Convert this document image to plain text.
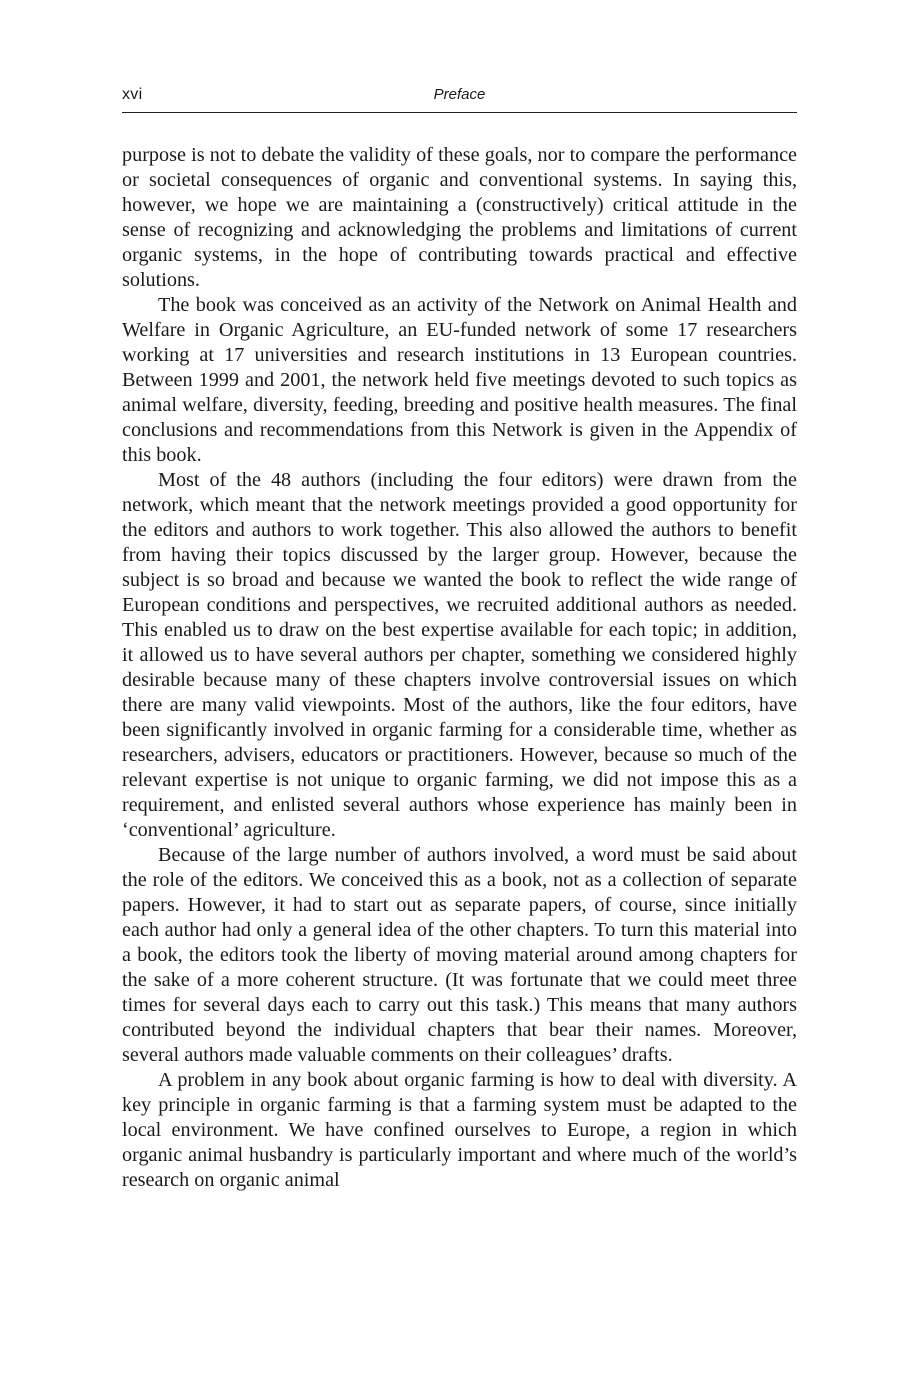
xvi	Preface

purpose is not to debate the validity of these goals, nor to compare the performance or societal consequences of organic and conventional systems. In saying this, however, we hope we are maintaining a (constructively) critical attitude in the sense of recognizing and acknowledging the problems and limitations of current organic systems, in the hope of contributing towards practical and effective solutions.

The book was conceived as an activity of the Network on Animal Health and Welfare in Organic Agriculture, an EU-funded network of some 17 researchers working at 17 universities and research institutions in 13 European countries. Between 1999 and 2001, the network held five meetings devoted to such topics as animal welfare, diversity, feeding, breeding and positive health measures. The final conclusions and recommendations from this Network is given in the Appendix of this book.

Most of the 48 authors (including the four editors) were drawn from the network, which meant that the network meetings provided a good opportunity for the editors and authors to work together. This also allowed the authors to benefit from having their topics discussed by the larger group. However, because the subject is so broad and because we wanted the book to reflect the wide range of European conditions and perspectives, we recruited additional authors as needed. This enabled us to draw on the best expertise available for each topic; in addition, it allowed us to have several authors per chapter, something we considered highly desirable because many of these chapters involve controversial issues on which there are many valid viewpoints. Most of the authors, like the four editors, have been significantly involved in organic farming for a considerable time, whether as researchers, advisers, educators or practitioners. However, because so much of the relevant expertise is not unique to organic farming, we did not impose this as a requirement, and enlisted several authors whose experience has mainly been in ‘conventional’ agriculture.

Because of the large number of authors involved, a word must be said about the role of the editors. We conceived this as a book, not as a collection of separate papers. However, it had to start out as separate papers, of course, since initially each author had only a general idea of the other chapters. To turn this material into a book, the editors took the liberty of moving material around among chapters for the sake of a more coherent structure. (It was fortunate that we could meet three times for several days each to carry out this task.) This means that many authors contributed beyond the individual chapters that bear their names. Moreover, several authors made valuable comments on their colleagues’ drafts.

A problem in any book about organic farming is how to deal with diversity. A key principle in organic farming is that a farming system must be adapted to the local environment. We have confined ourselves to Europe, a region in which organic animal husbandry is particularly important and where much of the world’s research on organic animal
